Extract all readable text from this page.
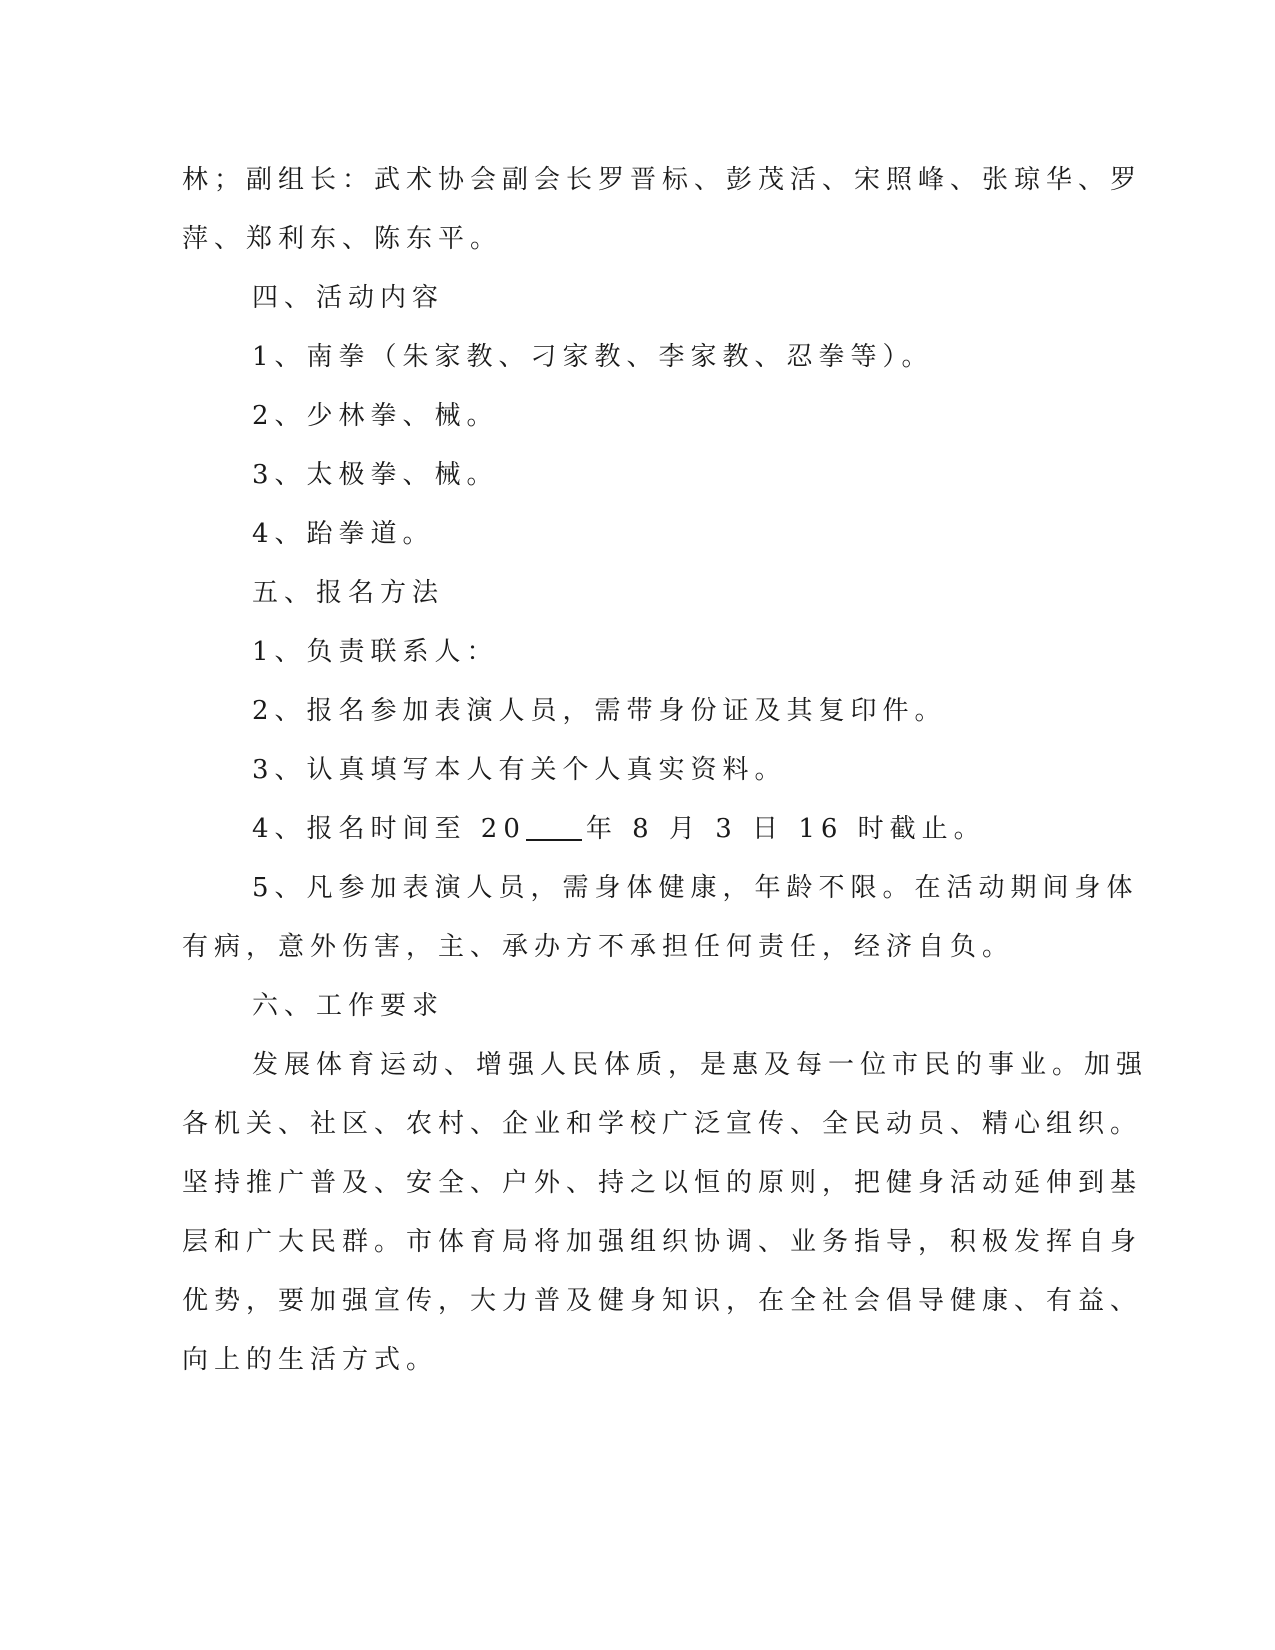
林；副组长：武术协会副会长罗晋标、彭茂活、宋照峰、张琼华、罗
萍、郑利东、陈东平。
四、活动内容
1、南拳（朱家教、刁家教、李家教、忍拳等）。
2、少林拳、械。
3、太极拳、械。
4、跆拳道。
五、报名方法
1、负责联系人：
2、报名参加表演人员，需带身份证及其复印件。
3、认真填写本人有关个人真实资料。
4、报名时间至 20 年 8 月 3 日 16 时截止。
5、凡参加表演人员，需身体健康，年龄不限。在活动期间身体
有病，意外伤害，主、承办方不承担任何责任，经济自负。
六、工作要求
发展体育运动、增强人民体质，是惠及每一位市民的事业。加强
各机关、社区、农村、企业和学校广泛宣传、全民动员、精心组织。
坚持推广普及、安全、户外、持之以恒的原则，把健身活动延伸到基
层和广大民群。市体育局将加强组织协调、业务指导，积极发挥自身
优势，要加强宣传，大力普及健身知识，在全社会倡导健康、有益、
向上的生活方式。
